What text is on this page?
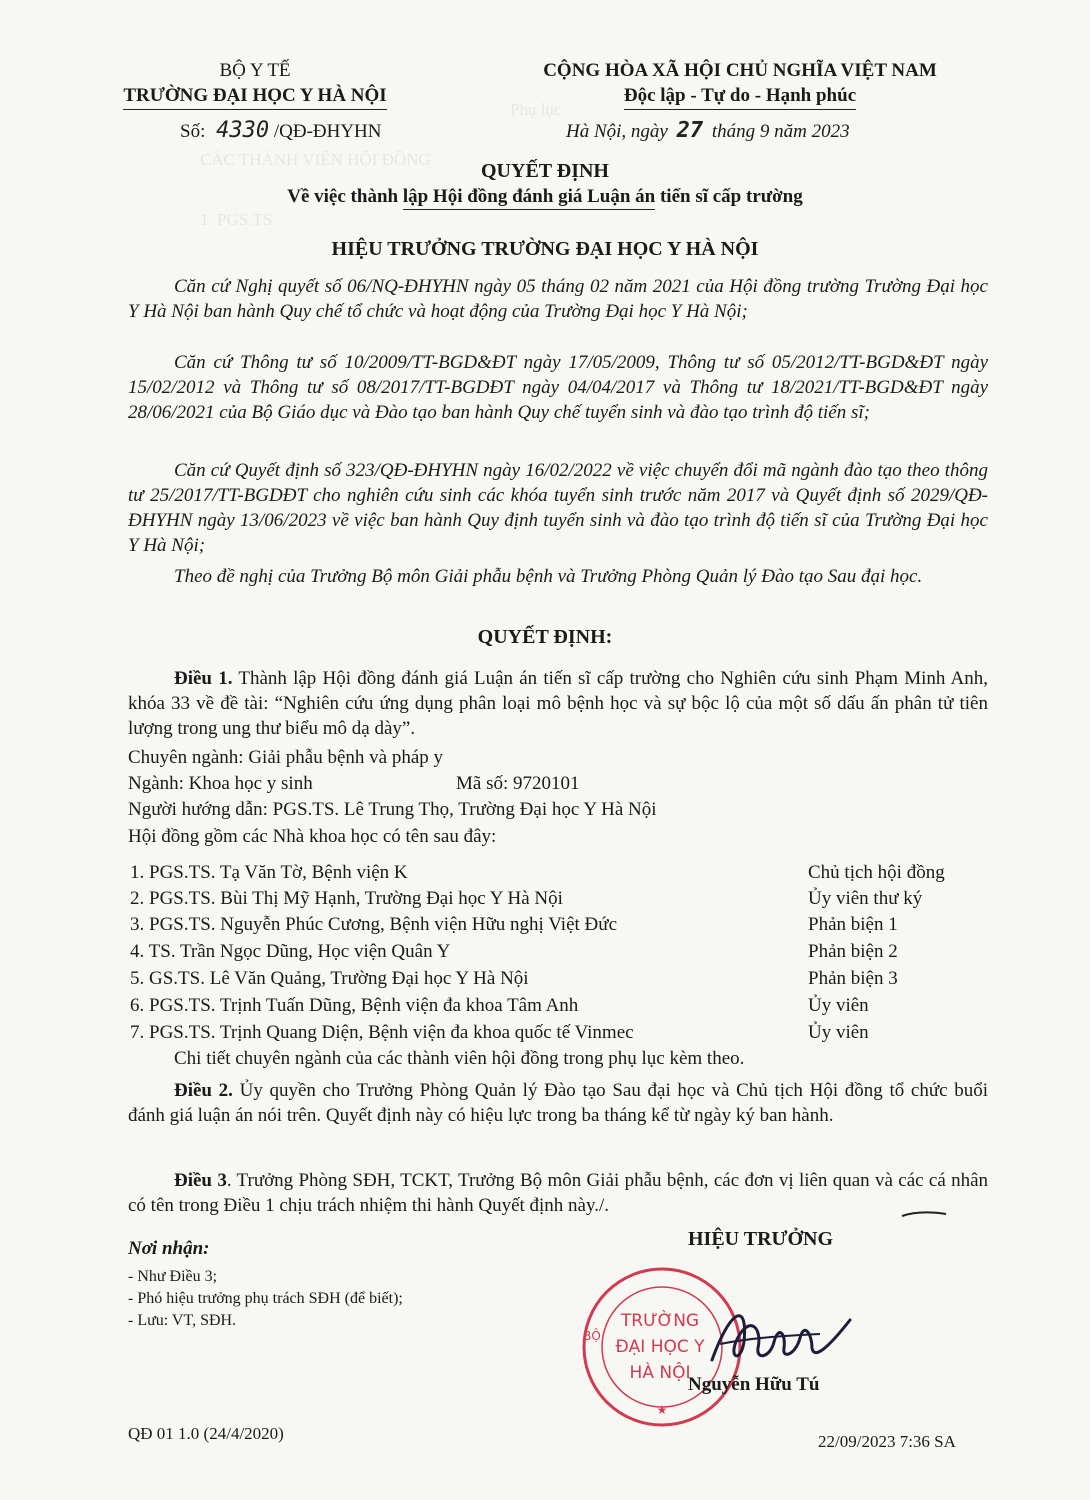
Phụ lục
CÁC THÀNH VIÊN HỘI ĐỒNG
1. PGS.TS.
BỘ Y TẾ
TRƯỜNG ĐẠI HỌC Y HÀ NỘI
CỘNG HÒA XÃ HỘI CHỦ NGHĨA VIỆT NAM
Độc lập - Tự do - Hạnh phúc
Số: 4330 /QĐ-ĐHYHN	Hà Nội, ngày 27 tháng 9 năm 2023
QUYẾT ĐỊNH
Về việc thành lập Hội đồng đánh giá Luận án tiến sĩ cấp trường
HIỆU TRƯỞNG TRƯỜNG ĐẠI HỌC Y HÀ NỘI
Căn cứ Nghị quyết số 06/NQ-ĐHYHN ngày 05 tháng 02 năm 2021 của Hội đồng trường Trường Đại học Y Hà Nội ban hành Quy chế tổ chức và hoạt động của Trường Đại học Y Hà Nội;
Căn cứ Thông tư số 10/2009/TT-BGD&ĐT ngày 17/05/2009, Thông tư số 05/2012/TT-BGD&ĐT ngày 15/02/2012 và Thông tư số 08/2017/TT-BGDĐT ngày 04/04/2017 và Thông tư 18/2021/TT-BGD&ĐT ngày 28/06/2021 của Bộ Giáo dục và Đào tạo ban hành Quy chế tuyển sinh và đào tạo trình độ tiến sĩ;
Căn cứ Quyết định số 323/QĐ-ĐHYHN ngày 16/02/2022 về việc chuyển đổi mã ngành đào tạo theo thông tư 25/2017/TT-BGDĐT cho nghiên cứu sinh các khóa tuyển sinh trước năm 2017 và Quyết định số 2029/QĐ-ĐHYHN ngày 13/06/2023 về việc ban hành Quy định tuyển sinh và đào tạo trình độ tiến sĩ của Trường Đại học Y Hà Nội;
Theo đề nghị của Trưởng Bộ môn Giải phẫu bệnh và Trưởng Phòng Quản lý Đào tạo Sau đại học.
QUYẾT ĐỊNH:
Điều 1. Thành lập Hội đồng đánh giá Luận án tiến sĩ cấp trường cho Nghiên cứu sinh Phạm Minh Anh, khóa 33 về đề tài: “Nghiên cứu ứng dụng phân loại mô bệnh học và sự bộc lộ của một số dấu ấn phân tử tiên lượng trong ung thư biểu mô dạ dày”.
Chuyên ngành: Giải phẫu bệnh và pháp y
Ngành: Khoa học y sinh	Mã số: 9720101
Người hướng dẫn: PGS.TS. Lê Trung Thọ, Trường Đại học Y Hà Nội
Hội đồng gồm các Nhà khoa học có tên sau đây:
1. PGS.TS. Tạ Văn Tờ, Bệnh viện K	Chủ tịch hội đồng
2. PGS.TS. Bùi Thị Mỹ Hạnh, Trường Đại học Y Hà Nội	Ủy viên thư ký
3. PGS.TS. Nguyễn Phúc Cương, Bệnh viện Hữu nghị Việt Đức	Phản biện 1
4. TS. Trần Ngọc Dũng, Học viện Quân Y	Phản biện 2
5. GS.TS. Lê Văn Quảng, Trường Đại học Y Hà Nội	Phản biện 3
6. PGS.TS. Trịnh Tuấn Dũng, Bệnh viện đa khoa Tâm Anh	Ủy viên
7. PGS.TS. Trịnh Quang Diện, Bệnh viện đa khoa quốc tế Vinmec	Ủy viên
Chi tiết chuyên ngành của các thành viên hội đồng trong phụ lục kèm theo.
Điều 2. Ủy quyền cho Trưởng Phòng Quản lý Đào tạo Sau đại học và Chủ tịch Hội đồng tổ chức buổi đánh giá luận án nói trên. Quyết định này có hiệu lực trong ba tháng kể từ ngày ký ban hành.
Điều 3. Trưởng Phòng SĐH, TCKT, Trưởng Bộ môn Giải phẫu bệnh, các đơn vị liên quan và các cá nhân có tên trong Điều 1 chịu trách nhiệm thi hành Quyết định này./.
Nơi nhận:
- Như Điều 3;
- Phó hiệu trưởng phụ trách SĐH (để biết);
- Lưu: VT, SĐH.
HIỆU TRƯỞNG
TRƯỜNG
ĐẠI HỌC Y
HÀ NỘI
BỘ
★
Nguyễn Hữu Tú
QĐ 01 1.0 (24/4/2020)	22/09/2023 7:36 SA
